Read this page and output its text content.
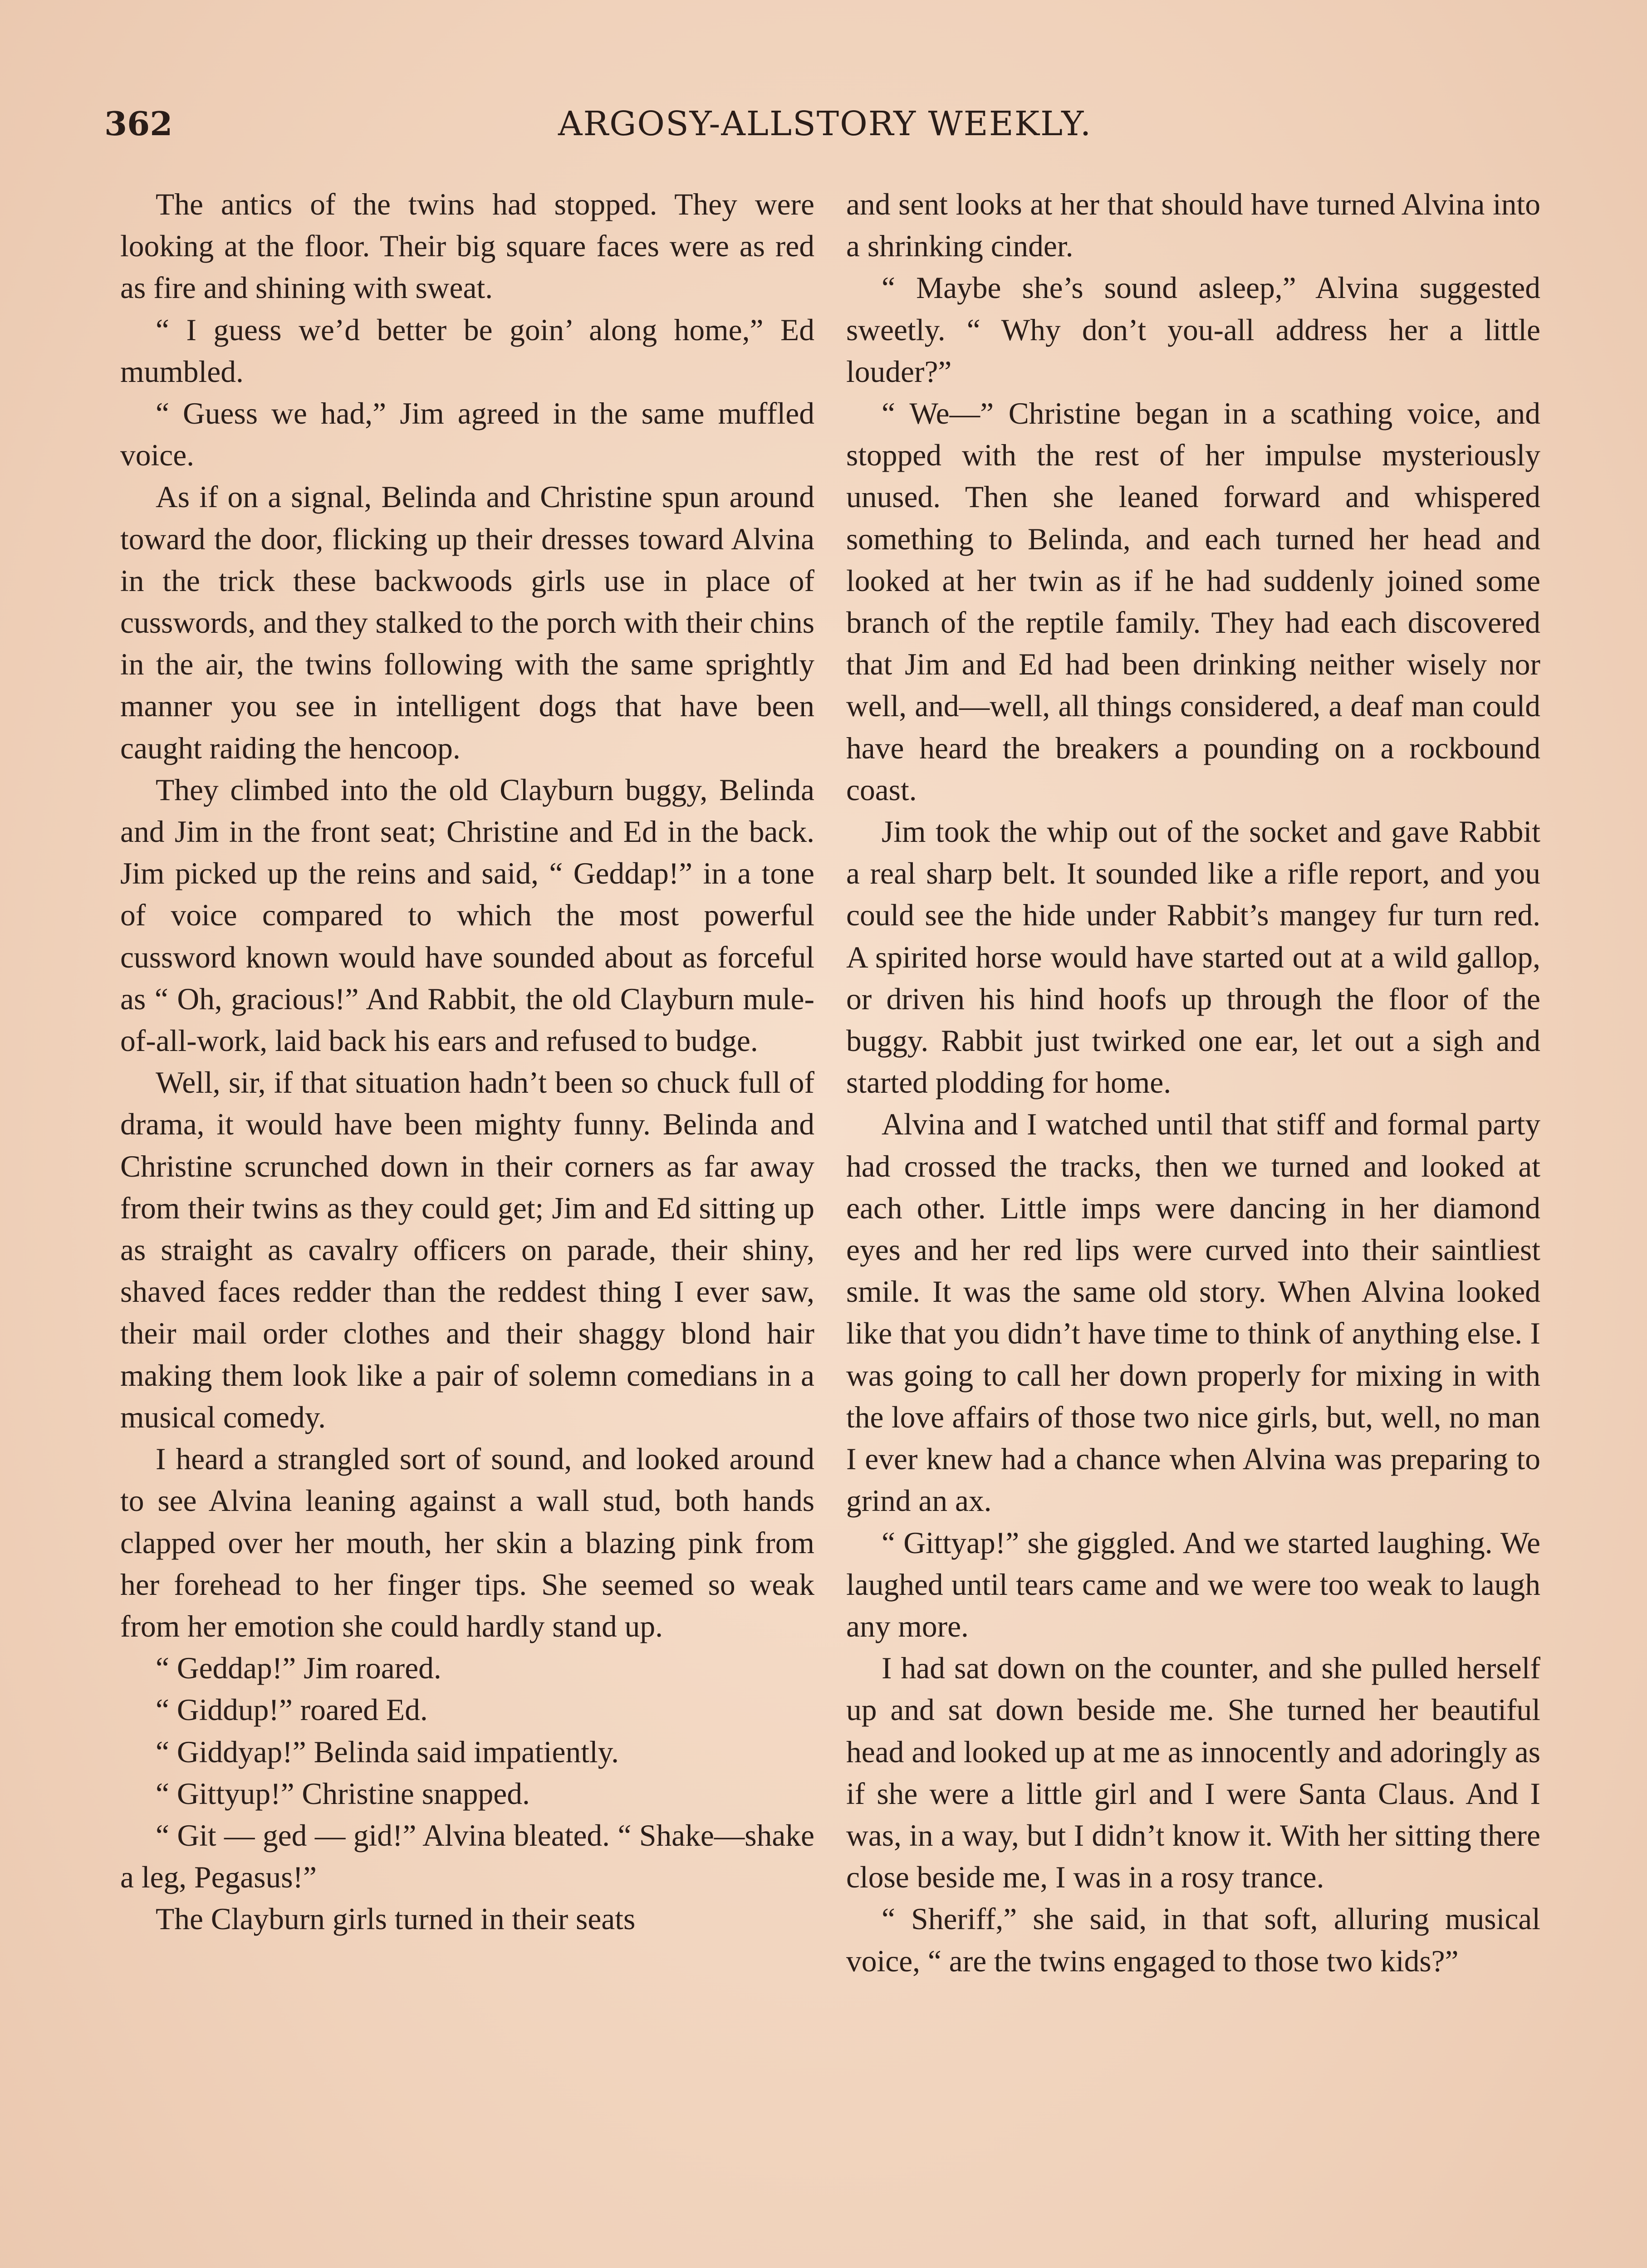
362	ARGOSY-ALLSTORY WEEKLY.

The antics of the twins had stopped. They were looking at the floor. Their big square faces were as red as fire and shining with sweat.

“ I guess we’d better be goin’ along home,” Ed mumbled.

“ Guess we had,” Jim agreed in the same muffled voice.

As if on a signal, Belinda and Christine spun around toward the door, flicking up their dresses toward Alvina in the trick these backwoods girls use in place of cusswords, and they stalked to the porch with their chins in the air, the twins following with the same sprightly manner you see in intelligent dogs that have been caught raiding the hencoop.

They climbed into the old Clayburn buggy, Belinda and Jim in the front seat; Christine and Ed in the back. Jim picked up the reins and said, “ Geddap!” in a tone of voice compared to which the most powerful cussword known would have sounded about as forceful as “ Oh, gracious!” And Rabbit, the old Clayburn mule-of-all-work, laid back his ears and refused to budge.

Well, sir, if that situation hadn’t been so chuck full of drama, it would have been mighty funny. Belinda and Christine scrunched down in their corners as far away from their twins as they could get; Jim and Ed sitting up as straight as cavalry officers on parade, their shiny, shaved faces redder than the reddest thing I ever saw, their mail order clothes and their shaggy blond hair making them look like a pair of solemn comedians in a musical comedy.

I heard a strangled sort of sound, and looked around to see Alvina leaning against a wall stud, both hands clapped over her mouth, her skin a blazing pink from her forehead to her finger tips. She seemed so weak from her emotion she could hardly stand up.

“ Geddap!” Jim roared.

“ Giddup!” roared Ed.

“ Giddyap!” Belinda said impatiently.

“ Gittyup!” Christine snapped.

“ Git — ged — gid!” Alvina bleated. “ Shake—shake a leg, Pegasus!”

The Clayburn girls turned in their seats

and sent looks at her that should have turned Alvina into a shrinking cinder.

“ Maybe she’s sound asleep,” Alvina suggested sweetly. “ Why don’t you-all address her a little louder?”

“ We—” Christine began in a scathing voice, and stopped with the rest of her impulse mysteriously unused. Then she leaned forward and whispered something to Belinda, and each turned her head and looked at her twin as if he had suddenly joined some branch of the reptile family. They had each discovered that Jim and Ed had been drinking neither wisely nor well, and—well, all things considered, a deaf man could have heard the breakers a pounding on a rockbound coast.

Jim took the whip out of the socket and gave Rabbit a real sharp belt. It sounded like a rifle report, and you could see the hide under Rabbit’s mangey fur turn red. A spirited horse would have started out at a wild gallop, or driven his hind hoofs up through the floor of the buggy. Rabbit just twirked one ear, let out a sigh and started plodding for home.

Alvina and I watched until that stiff and formal party had crossed the tracks, then we turned and looked at each other. Little imps were dancing in her diamond eyes and her red lips were curved into their saintliest smile. It was the same old story. When Alvina looked like that you didn’t have time to think of anything else. I was going to call her down properly for mixing in with the love affairs of those two nice girls, but, well, no man I ever knew had a chance when Alvina was preparing to grind an ax.

“ Gittyap!” she giggled. And we started laughing. We laughed until tears came and we were too weak to laugh any more.

I had sat down on the counter, and she pulled herself up and sat down beside me. She turned her beautiful head and looked up at me as innocently and adoringly as if she were a little girl and I were Santa Claus. And I was, in a way, but I didn’t know it. With her sitting there close beside me, I was in a rosy trance.

“ Sheriff,” she said, in that soft, alluring musical voice, “ are the twins engaged to those two kids?”
